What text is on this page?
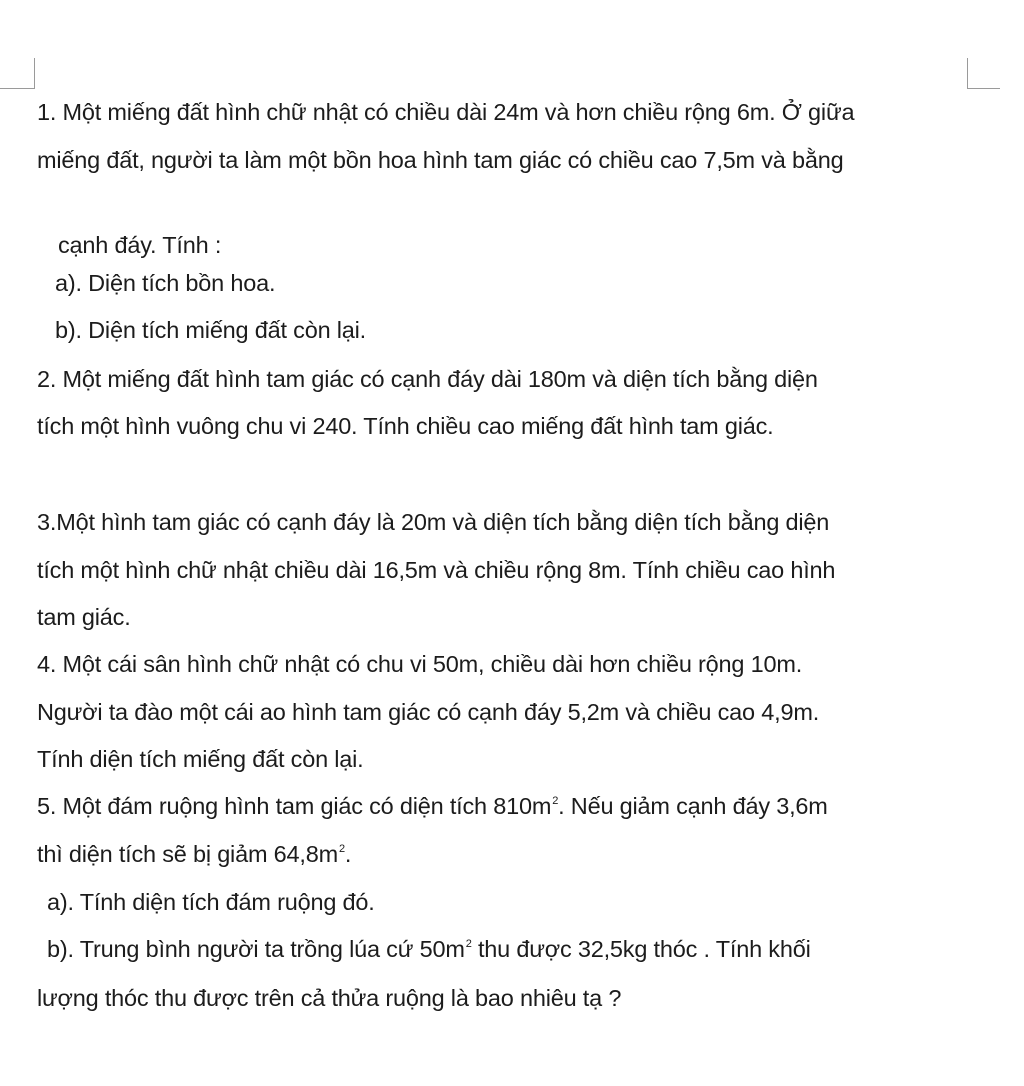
1. Một miếng đất hình chữ nhật có chiều dài 24m và hơn chiều rộng 6m. Ở giữa
miếng đất, người ta làm một bồn hoa hình tam giác có chiều cao 7,5m và bằng
cạnh đáy. Tính :
a). Diện tích bồn hoa.
b). Diện tích miếng đất còn lại.
2. Một miếng đất hình tam giác có cạnh đáy dài 180m và diện tích bằng diện
tích một hình vuông chu vi 240. Tính chiều cao miếng đất hình tam giác.
3.Một hình tam giác có cạnh đáy là 20m và diện tích bằng diện tích bằng diện
tích một hình chữ nhật chiều dài 16,5m và chiều rộng 8m. Tính chiều cao hình
tam giác.
4. Một cái sân hình chữ nhật có chu vi 50m, chiều dài hơn chiều rộng 10m.
Người ta đào một cái ao hình tam giác có cạnh đáy 5,2m và chiều cao 4,9m.
Tính diện tích miếng đất còn lại.
5. Một đám ruộng hình tam giác có diện tích $810m^2$. Nếu giảm cạnh đáy 3,6m
thì diện tích sẽ bị giảm $64,8m^2$.
a). Tính diện tích đám ruộng đó.
b). Trung bình người ta trồng lúa cứ $50m^2$ thu được 32,5kg thóc . Tính khối
lượng thóc thu được trên cả thửa ruộng là bao nhiêu tạ ?
